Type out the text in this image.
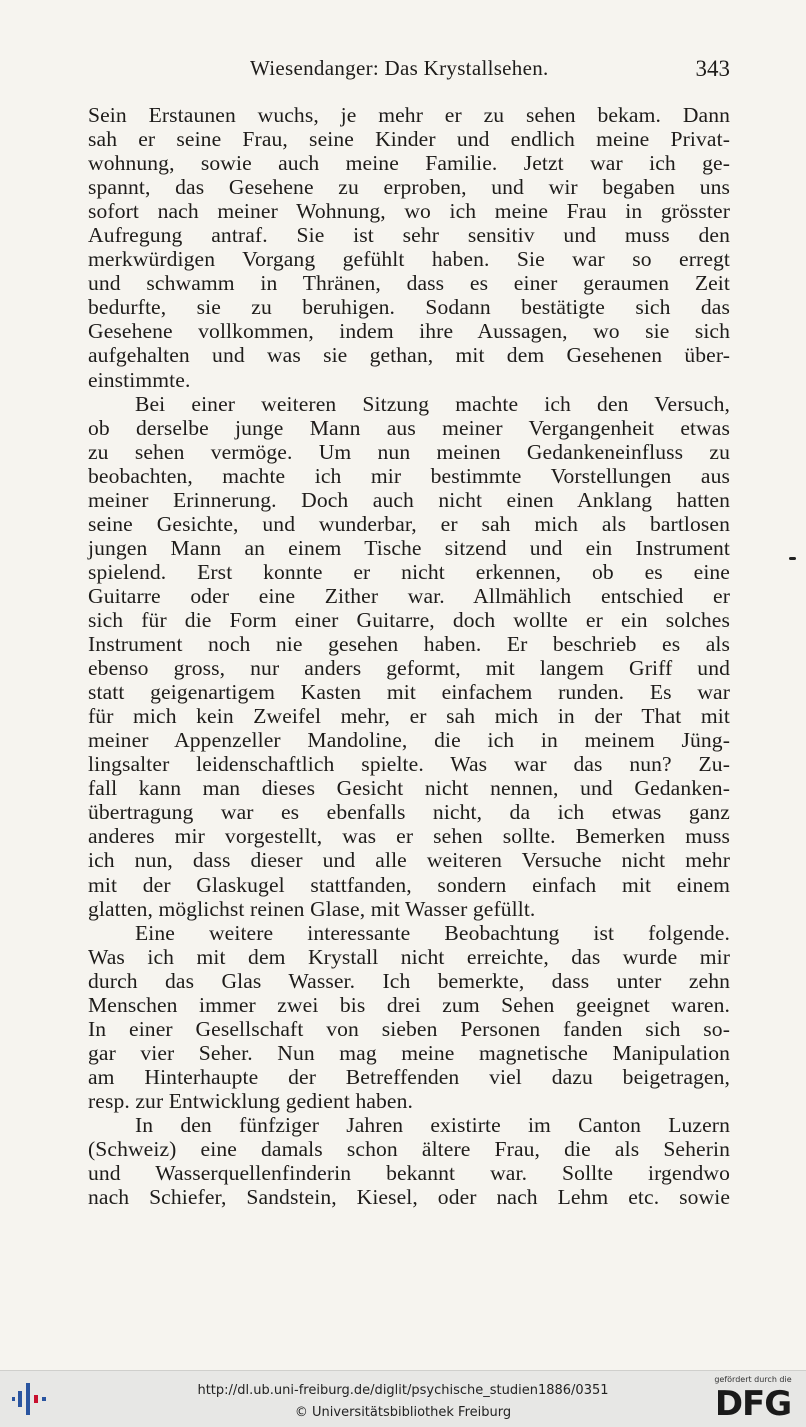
Wiesendanger: Das Krystallsehen.	343
Sein Erstaunen wuchs, je mehr er zu sehen bekam. Dann
sah er seine Frau, seine Kinder und endlich meine Privat-
wohnung, sowie auch meine Familie. Jetzt war ich ge-
spannt, das Gesehene zu erproben, und wir begaben uns
sofort nach meiner Wohnung, wo ich meine Frau in grösster
Aufregung antraf. Sie ist sehr sensitiv und muss den
merkwürdigen Vorgang gefühlt haben. Sie war so erregt
und schwamm in Thränen, dass es einer geraumen Zeit
bedurfte, sie zu beruhigen. Sodann bestätigte sich das
Gesehene vollkommen, indem ihre Aussagen, wo sie sich
aufgehalten und was sie gethan, mit dem Gesehenen über-
einstimmte.
Bei einer weiteren Sitzung machte ich den Versuch,
ob derselbe junge Mann aus meiner Vergangenheit etwas
zu sehen vermöge. Um nun meinen Gedankeneinfluss zu
beobachten, machte ich mir bestimmte Vorstellungen aus
meiner Erinnerung. Doch auch nicht einen Anklang hatten
seine Gesichte, und wunderbar, er sah mich als bartlosen
jungen Mann an einem Tische sitzend und ein Instrument
spielend. Erst konnte er nicht erkennen, ob es eine
Guitarre oder eine Zither war. Allmählich entschied er
sich für die Form einer Guitarre, doch wollte er ein solches
Instrument noch nie gesehen haben. Er beschrieb es als
ebenso gross, nur anders geformt, mit langem Griff und
statt geigenartigem Kasten mit einfachem runden. Es war
für mich kein Zweifel mehr, er sah mich in der That mit
meiner Appenzeller Mandoline, die ich in meinem Jüng-
lingsalter leidenschaftlich spielte. Was war das nun? Zu-
fall kann man dieses Gesicht nicht nennen, und Gedanken-
übertragung war es ebenfalls nicht, da ich etwas ganz
anderes mir vorgestellt, was er sehen sollte. Bemerken muss
ich nun, dass dieser und alle weiteren Versuche nicht mehr
mit der Glaskugel stattfanden, sondern einfach mit einem
glatten, möglichst reinen Glase, mit Wasser gefüllt.
Eine weitere interessante Beobachtung ist folgende.
Was ich mit dem Krystall nicht erreichte, das wurde mir
durch das Glas Wasser. Ich bemerkte, dass unter zehn
Menschen immer zwei bis drei zum Sehen geeignet waren.
In einer Gesellschaft von sieben Personen fanden sich so-
gar vier Seher. Nun mag meine magnetische Manipulation
am Hinterhaupte der Betreffenden viel dazu beigetragen,
resp. zur Entwicklung gedient haben.
In den fünfziger Jahren existirte im Canton Luzern
(Schweiz) eine damals schon ältere Frau, die als Seherin
und Wasserquellenfinderin bekannt war. Sollte irgendwo
nach Schiefer, Sandstein, Kiesel, oder nach Lehm etc. sowie
http://dl.ub.uni-freiburg.de/diglit/psychische_studien1886/0351
© Universitätsbibliothek Freiburg
gefördert durch die
DFG
